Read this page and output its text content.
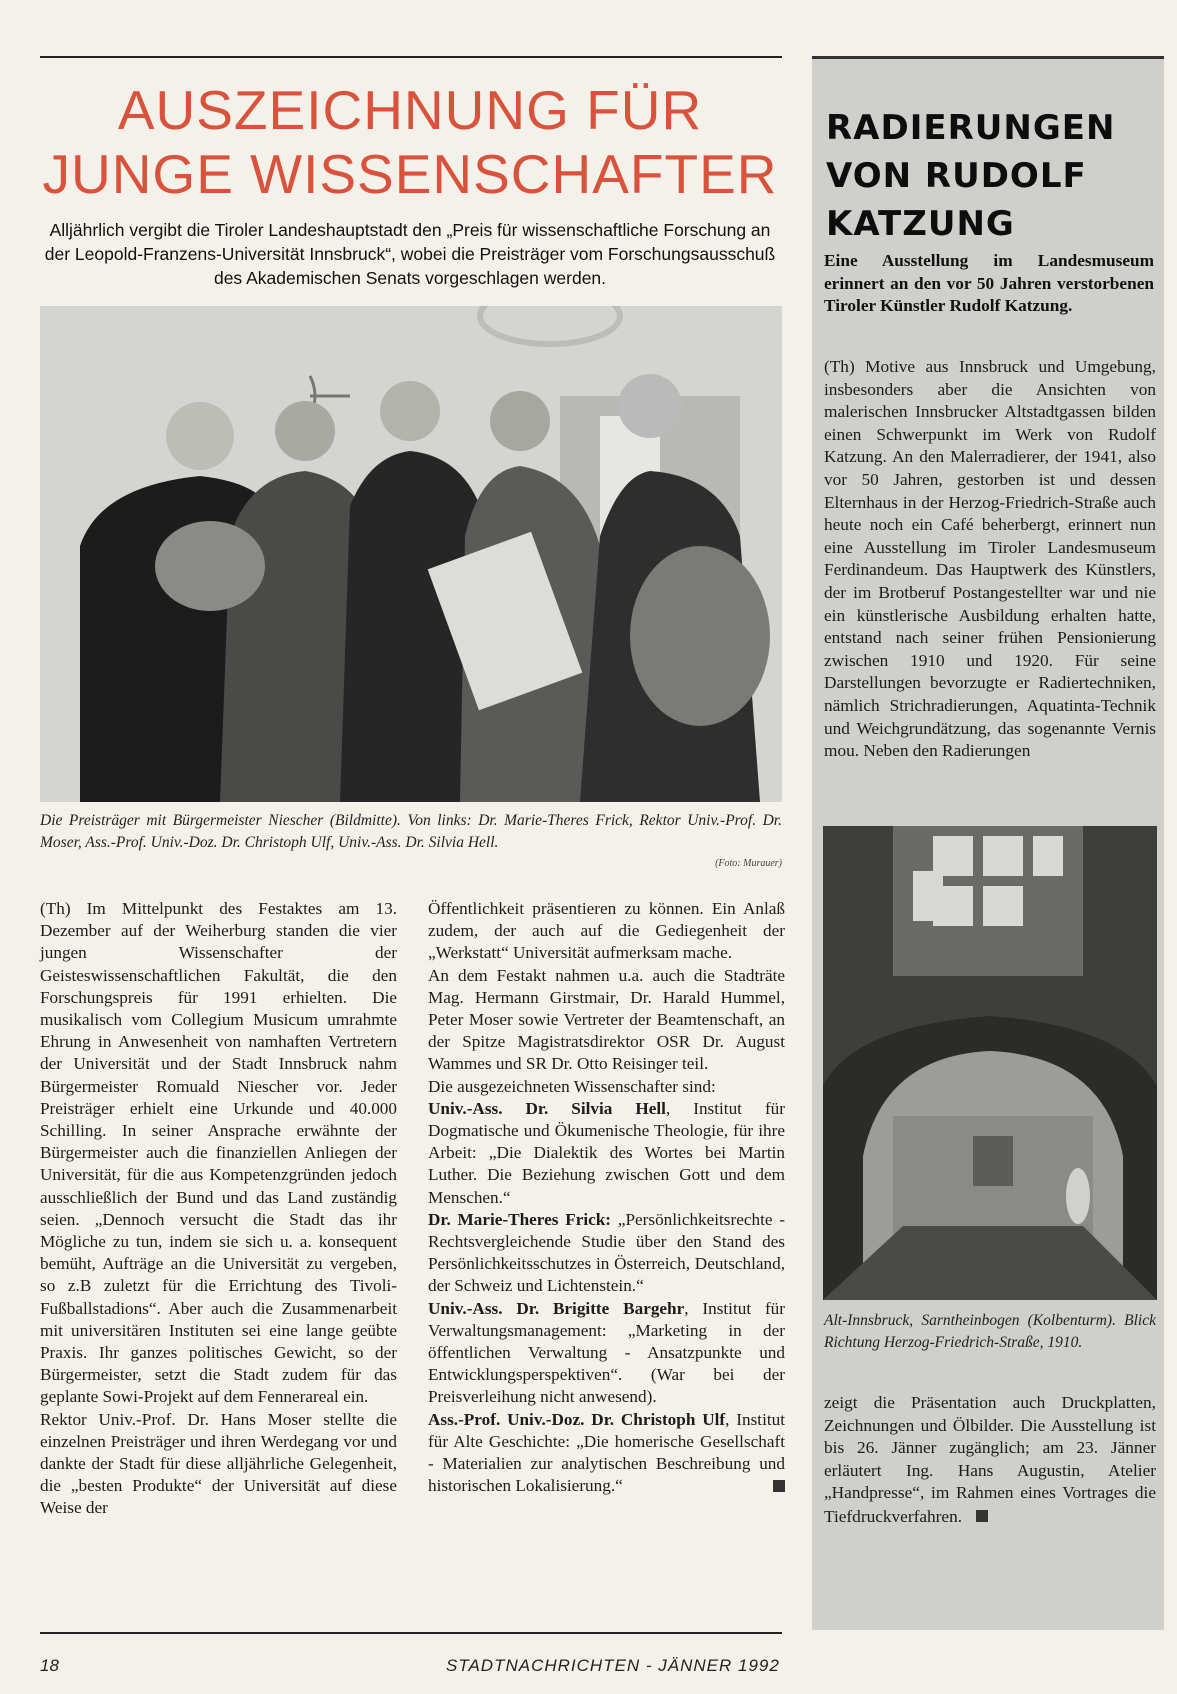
AUSZEICHNUNG FÜR
JUNGE WISSENSCHAFTER

Alljährlich vergibt die Tiroler Landeshauptstadt den „Preis für wissenschaftliche Forschung an der Leopold-Franzens-Universität Innsbruck“, wobei die Preisträger vom Forschungsausschuß des Akademischen Senats vorgeschlagen werden.

Die Preisträger mit Bürgermeister Niescher (Bildmitte). Von links: Dr. Marie-Theres Frick, Rektor Univ.-Prof. Dr. Moser, Ass.-Prof. Univ.-Doz. Dr. Christoph Ulf, Univ.-Ass. Dr. Silvia Hell.

(Foto: Murauer)

(Th) Im Mittelpunkt des Festaktes am 13. Dezember auf der Weiherburg standen die vier jungen Wissenschafter der Geisteswissenschaftlichen Fakultät, die den Forschungspreis für 1991 erhielten. Die musikalisch vom Collegium Musicum umrahmte Ehrung in Anwesenheit von namhaften Vertretern der Universität und der Stadt Innsbruck nahm Bürgermeister Romuald Niescher vor. Jeder Preisträger erhielt eine Urkunde und 40.000 Schilling. In seiner Ansprache erwähnte der Bürgermeister auch die finanziellen Anliegen der Universität, für die aus Kompetenzgründen jedoch ausschließlich der Bund und das Land zuständig seien. „Dennoch versucht die Stadt das ihr Mögliche zu tun, indem sie sich u. a. konsequent bemüht, Aufträge an die Universität zu vergeben, so z.B zuletzt für die Errichtung des Tivoli-Fußballstadions“. Aber auch die Zusammenarbeit mit universitären Instituten sei eine lange geübte Praxis. Ihr ganzes politisches Gewicht, so der Bürgermeister, setzt die Stadt zudem für das geplante Sowi-Projekt auf dem Fennerareal ein.

Rektor Univ.-Prof. Dr. Hans Moser stellte die einzelnen Preisträger und ihren Werdegang vor und dankte der Stadt für diese alljährliche Gelegenheit, die „besten Produkte“ der Universität auf diese Weise der

Öffentlichkeit präsentieren zu können. Ein Anlaß zudem, der auch auf die Gediegenheit der „Werkstatt“ Universität aufmerksam mache.

An dem Festakt nahmen u.a. auch die Stadträte Mag. Hermann Girstmair, Dr. Harald Hummel, Peter Moser sowie Vertreter der Beamtenschaft, an der Spitze Magistratsdirektor OSR Dr. August Wammes und SR Dr. Otto Reisinger teil.

Die ausgezeichneten Wissenschafter sind:

Univ.-Ass. Dr. Silvia Hell, Institut für Dogmatische und Ökumenische Theologie, für ihre Arbeit: „Die Dialektik des Wortes bei Martin Luther. Die Beziehung zwischen Gott und dem Menschen.“

Dr. Marie-Theres Frick: „Persönlichkeitsrechte - Rechtsvergleichende Studie über den Stand des Persönlichkeitsschutzes in Österreich, Deutschland, der Schweiz und Lichtenstein.“

Univ.-Ass. Dr. Brigitte Bargehr, Institut für Verwaltungsmanagement: „Marketing in der öffentlichen Verwaltung - Ansatzpunkte und Entwicklungsperspektiven“. (War bei der Preisverleihung nicht anwesend).

Ass.-Prof. Univ.-Doz. Dr. Christoph Ulf, Institut für Alte Geschichte: „Die homerische Gesellschaft - Materialien zur analytischen Beschreibung und historischen Lokalisierung.“

RADIERUNGEN
VON RUDOLF
KATZUNG

Eine Ausstellung im Landesmuseum erinnert an den vor 50 Jahren verstorbenen Tiroler Künstler Rudolf Katzung.

(Th) Motive aus Innsbruck und Umgebung, insbesonders aber die Ansichten von malerischen Innsbrucker Altstadtgassen bilden einen Schwerpunkt im Werk von Rudolf Katzung. An den Malerradierer, der 1941, also vor 50 Jahren, gestorben ist und dessen Elternhaus in der Herzog-Friedrich-Straße auch heute noch ein Café beherbergt, erinnert nun eine Ausstellung im Tiroler Landesmuseum Ferdinandeum. Das Hauptwerk des Künstlers, der im Brotberuf Postangestellter war und nie ein künstlerische Ausbildung erhalten hatte, entstand nach seiner frühen Pensionierung zwischen 1910 und 1920. Für seine Darstellungen bevorzugte er Radiertechniken, nämlich Strichradierungen, Aquatinta-Technik und Weichgrundätzung, das sogenannte Vernis mou. Neben den Radierungen

Alt-Innsbruck, Sarntheinbogen (Kolbenturm). Blick Richtung Herzog-Friedrich-Straße, 1910.

zeigt die Präsentation auch Druckplatten, Zeichnungen und Ölbilder. Die Ausstellung ist bis 26. Jänner zugänglich; am 23. Jänner erläutert Ing. Hans Augustin, Atelier „Handpresse“, im Rahmen eines Vortrages die Tiefdruckverfahren.

18	STADTNACHRICHTEN - JÄNNER 1992
